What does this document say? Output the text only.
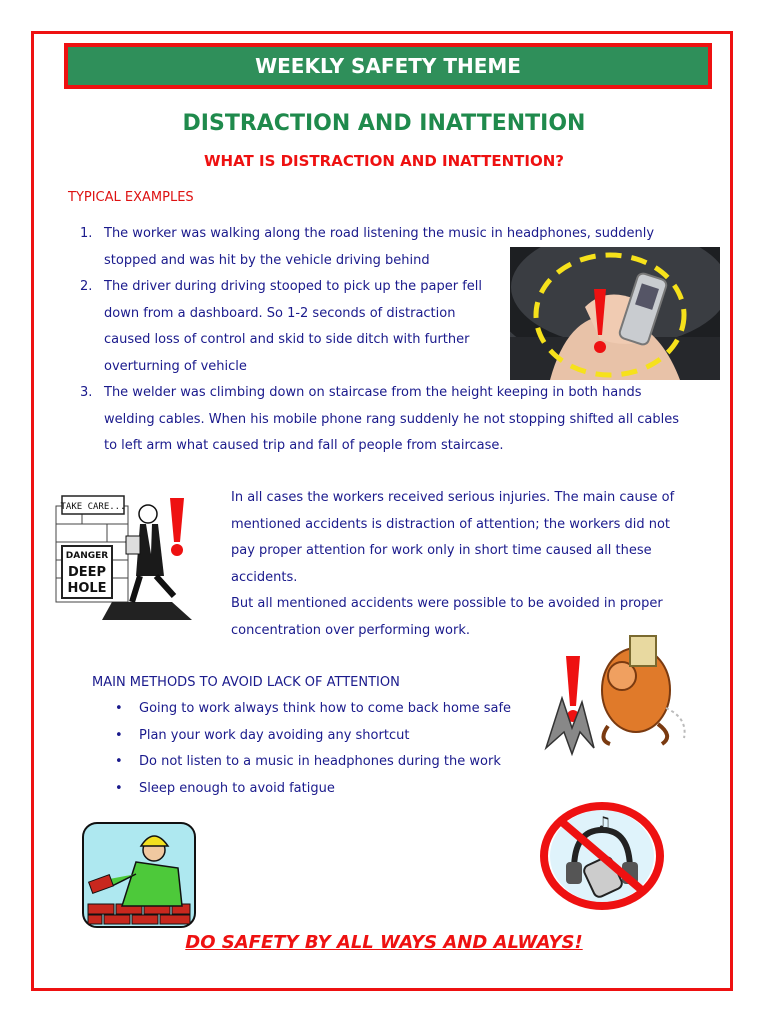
WEEKLY SAFETY THEME
DISTRACTION AND INATTENTION
WHAT IS DISTRACTION AND INATTENTION?
TYPICAL EXAMPLES
1. The worker was walking along the road listening the music in headphones, suddenly
stopped and was hit by the vehicle driving behind
2. The driver during driving stooped to pick up the paper fell
down from a dashboard. So 1-2 seconds of distraction
caused loss of control and skid to side ditch with further
overturning of vehicle
3. The welder was climbing down on staircase from the height keeping in both hands
welding cables. When his mobile phone rang suddenly he not stopping shifted all cables
to left arm what caused trip and fall of people from staircase.
TAKE CARE...
DANGER
DEEP
HOLE

In all cases the workers received serious injuries. The main cause of

mentioned accidents is distraction of attention; the workers did not

pay proper attention for work only in short time caused all these

accidents.

But all mentioned accidents were possible to be avoided in proper

concentration over performing work.

MAIN METHODS TO AVOID LACK OF ATTENTION
• Going to work always think how to come back home safe
• Plan your work day avoiding any shortcut
• Do not listen to a music in headphones during the work
• Sleep enough to avoid fatigue
♫
DO SAFETY BY ALL WAYS AND ALWAYS!
